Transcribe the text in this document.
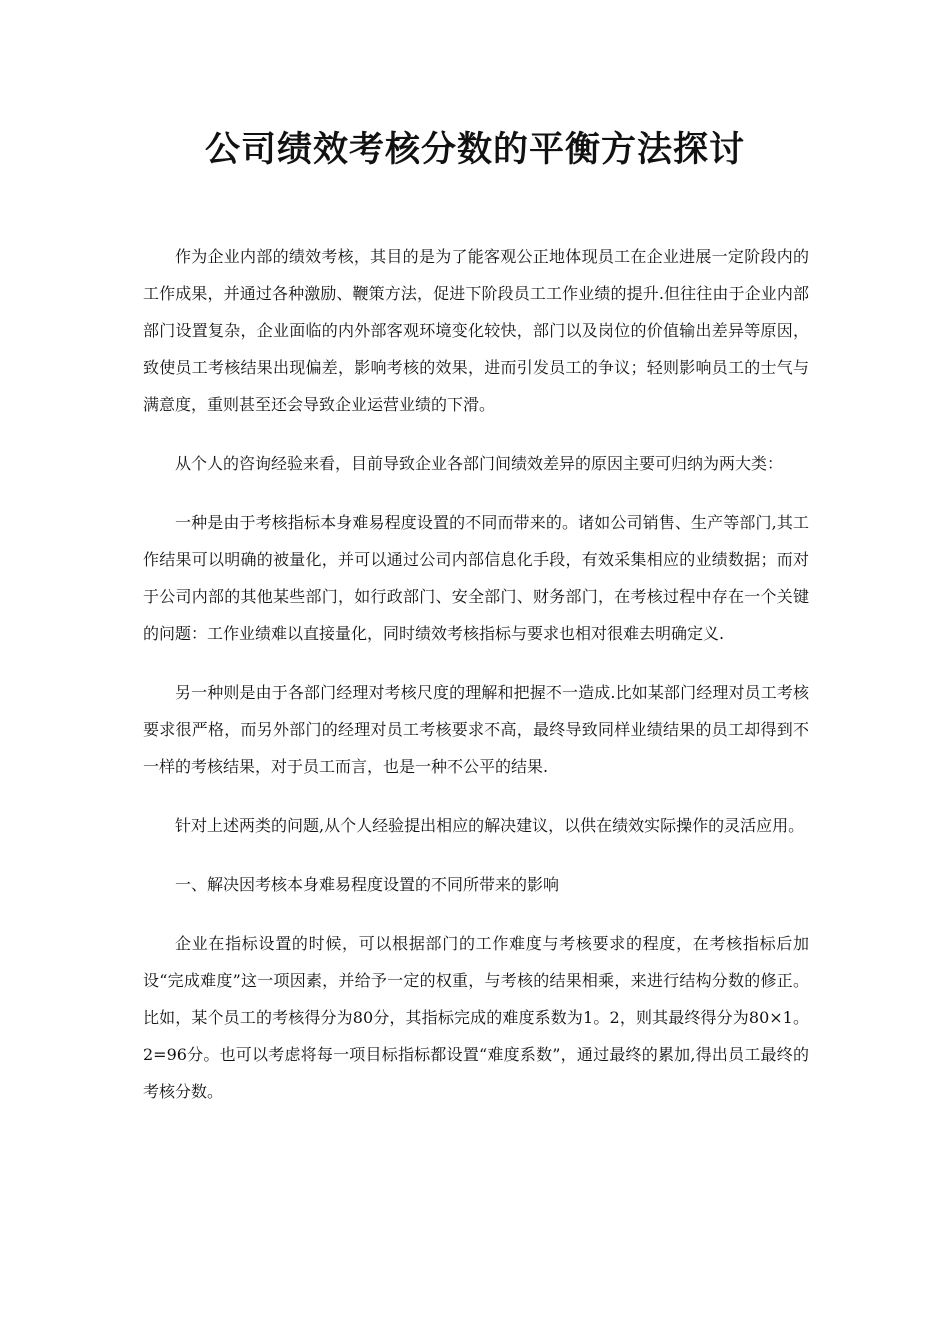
公司绩效考核分数的平衡方法探讨

作为企业内部的绩效考核，其目的是为了能客观公正地体现员工在企业进展一定阶段内的工作成果，并通过各种激励、鞭策方法，促进下阶段员工工作业绩的提升.但往往由于企业内部部门设置复杂，企业面临的内外部客观环境变化较快，部门以及岗位的价值输出差异等原因，致使员工考核结果出现偏差，影响考核的效果，进而引发员工的争议；轻则影响员工的士气与满意度，重则甚至还会导致企业运营业绩的下滑。

从个人的咨询经验来看，目前导致企业各部门间绩效差异的原因主要可归纳为两大类：

一种是由于考核指标本身难易程度设置的不同而带来的。诸如公司销售、生产等部门,其工作结果可以明确的被量化，并可以通过公司内部信息化手段，有效采集相应的业绩数据；而对于公司内部的其他某些部门，如行政部门、安全部门、财务部门，在考核过程中存在一个关键的问题：工作业绩难以直接量化，同时绩效考核指标与要求也相对很难去明确定义.

另一种则是由于各部门经理对考核尺度的理解和把握不一造成.比如某部门经理对员工考核要求很严格，而另外部门的经理对员工考核要求不高，最终导致同样业绩结果的员工却得到不一样的考核结果，对于员工而言，也是一种不公平的结果.

针对上述两类的问题,从个人经验提出相应的解决建议，以供在绩效实际操作的灵活应用。

一、解决因考核本身难易程度设置的不同所带来的影响

企业在指标设置的时候，可以根据部门的工作难度与考核要求的程度，在考核指标后加设“完成难度”这一项因素，并给予一定的权重，与考核的结果相乘，来进行结构分数的修正。比如，某个员工的考核得分为80分，其指标完成的难度系数为1。2，则其最终得分为80×1。2=96分。也可以考虑将每一项目标指标都设置“难度系数”，通过最终的累加,得出员工最终的考核分数。
